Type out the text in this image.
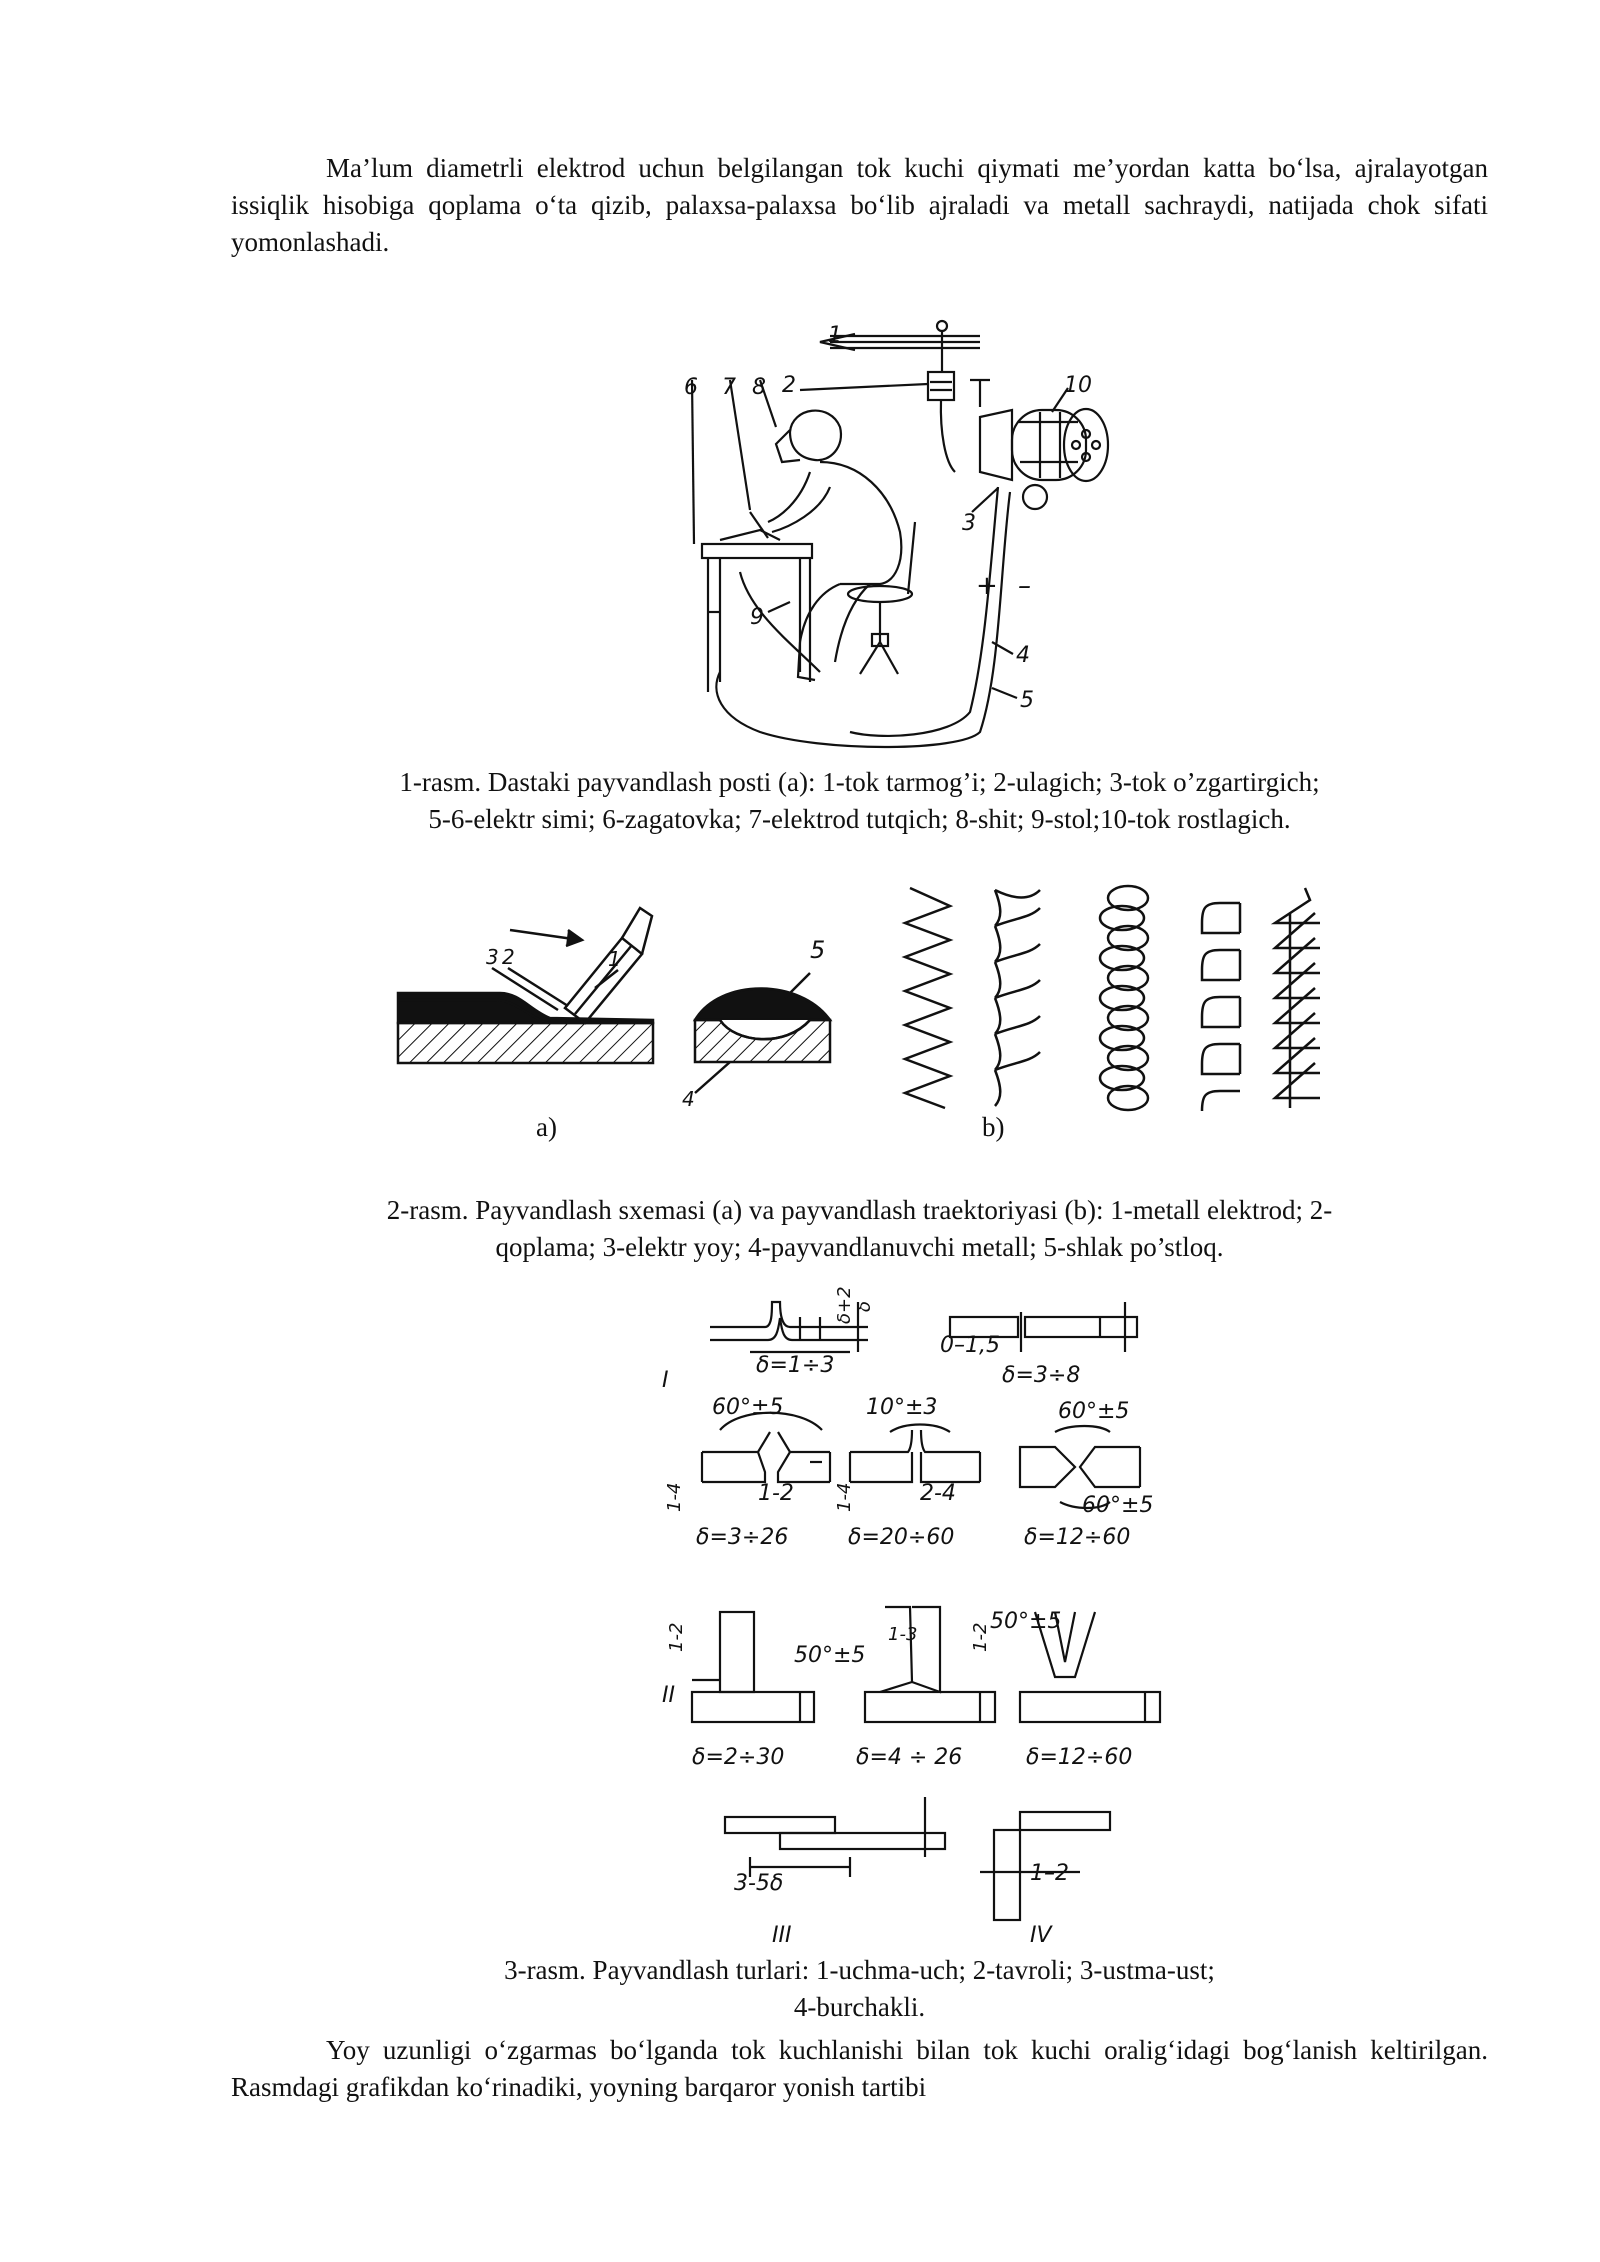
Ma’lum diametrli elektrod uchun belgilangan tok kuchi qiymati me’yordan katta bo‘lsa, ajralayotgan issiqlik hisobiga qoplama o‘ta qizib, palaxsa-palaxsa bo‘lib ajraladi va metall sachraydi, natijada chok sifati yomonlashadi.

1
2
3
4
5
6 7 8
9
10
+ –

1-rasm. Dastaki payvandlash posti (a): 1-tok tarmog’i; 2-ulagich; 3-tok o’zgartirgich;

5-6-elektr simi; 6-zagatovka; 7-elektrod tutqich; 8-shit; 9-stol;10-tok rostlagich.

1
2
3
4
5
a)	b)

2-rasm. Payvandlash sxemasi (a) va payvandlash traektoriyasi (b): 1-metall elektrod; 2-

qoplama; 3-elektr yoy; 4-payvandlanuvchi metall; 5-shlak po’stloq.

I
δ=1÷3
0–1,5
δ=3÷8
δ+2 δ
60°±5	10°±3	60°±5
60°±5
1-2	2-4
1-4	1-4
δ=3÷26	δ=20÷60	δ=12÷60
II
1-2
50°±5
1-3	1-2
50°±5
δ=2÷30	δ=4 ÷ 26	δ=12÷60
3-5δ	1–2
III	IV

3-rasm. Payvandlash turlari: 1-uchma-uch; 2-tavroli; 3-ustma-ust;

4-burchakli.

Yoy uzunligi o‘zgarmas bo‘lganda tok kuchlanishi bilan tok kuchi oralig‘idagi bog‘lanish keltirilgan. Rasmdagi grafikdan ko‘rinadiki, yoyning barqaror yonish tartibi
